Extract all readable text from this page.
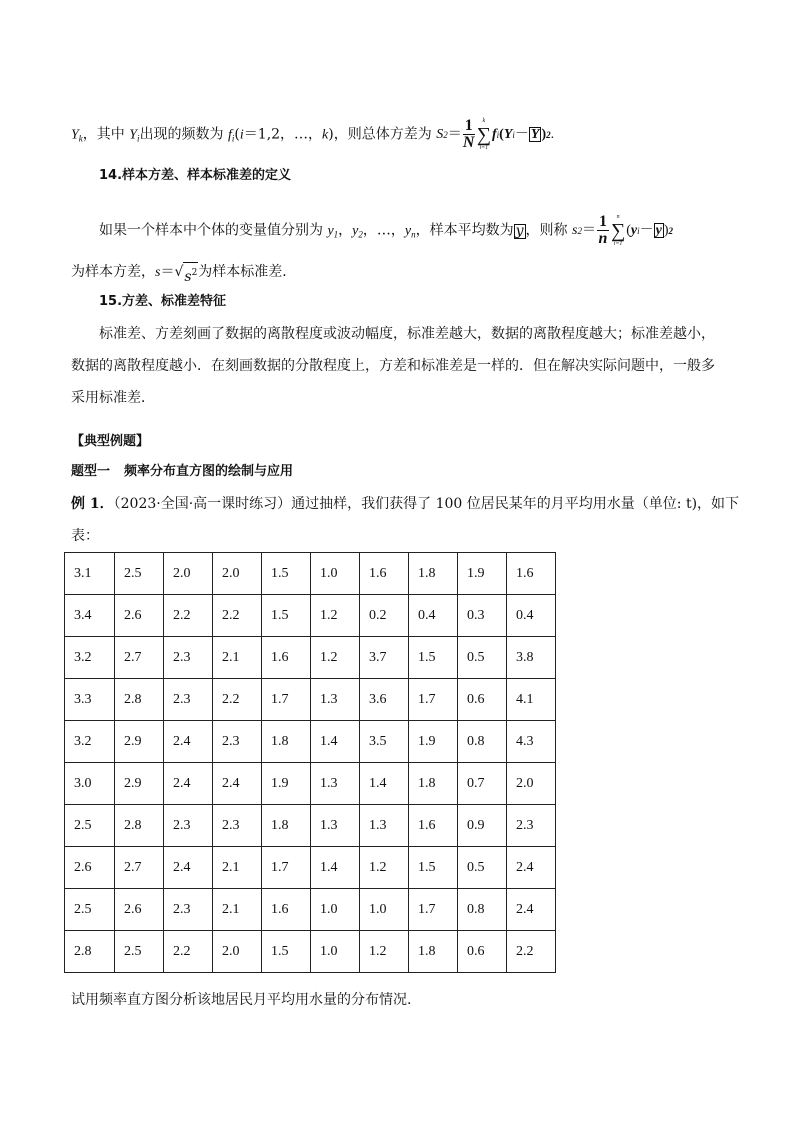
$Y_k$，其中 $Y_i$出现的频数为 $f_i(i=1,2$，…，k)，则总体方差为 S $2 = \frac{1}{N}$ k
∑
i=1
f i ( Y i － Y ) 2 .
14.样本方差、样本标准差的定义
如果一个样本中个体的变量值分别为 $y_1$，$y_2$，…，$y_n$，样本平均数为 y ，则称 s $2 = \frac{1}{n}$ n
∑
i=1
( y i － y ) 2
为样本方差，s＝ √ $s^2$ 为样本标准差．
15.方差、标准差特征
标准差、方差刻画了数据的离散程度或波动幅度，标准差越大，数据的离散程度越大；标准差越小，
数据的离散程度越小．在刻画数据的分散程度上，方差和标准差是一样的．但在解决实际问题中，一般多
采用标准差．
【典型例题】
题型一 频率分布直方图的绘制与应用
例 1．（2023·全国·高一课时练习）通过抽样，我们获得了 100 位居民某年的月平均用水量（单位: t)，如下
表：
3.1	2.5	2.0	2.0	1.5	1.0	1.6	1.8	1.9	1.6
3.4	2.6	2.2	2.2	1.5	1.2	0.2	0.4	0.3	0.4
3.2	2.7	2.3	2.1	1.6	1.2	3.7	1.5	0.5	3.8
3.3	2.8	2.3	2.2	1.7	1.3	3.6	1.7	0.6	4.1
3.2	2.9	2.4	2.3	1.8	1.4	3.5	1.9	0.8	4.3
3.0	2.9	2.4	2.4	1.9	1.3	1.4	1.8	0.7	2.0
2.5	2.8	2.3	2.3	1.8	1.3	1.3	1.6	0.9	2.3
2.6	2.7	2.4	2.1	1.7	1.4	1.2	1.5	0.5	2.4
2.5	2.6	2.3	2.1	1.6	1.0	1.0	1.7	0.8	2.4
2.8	2.5	2.2	2.0	1.5	1.0	1.2	1.8	0.6	2.2
试用频率直方图分析该地居民月平均用水量的分布情况.
